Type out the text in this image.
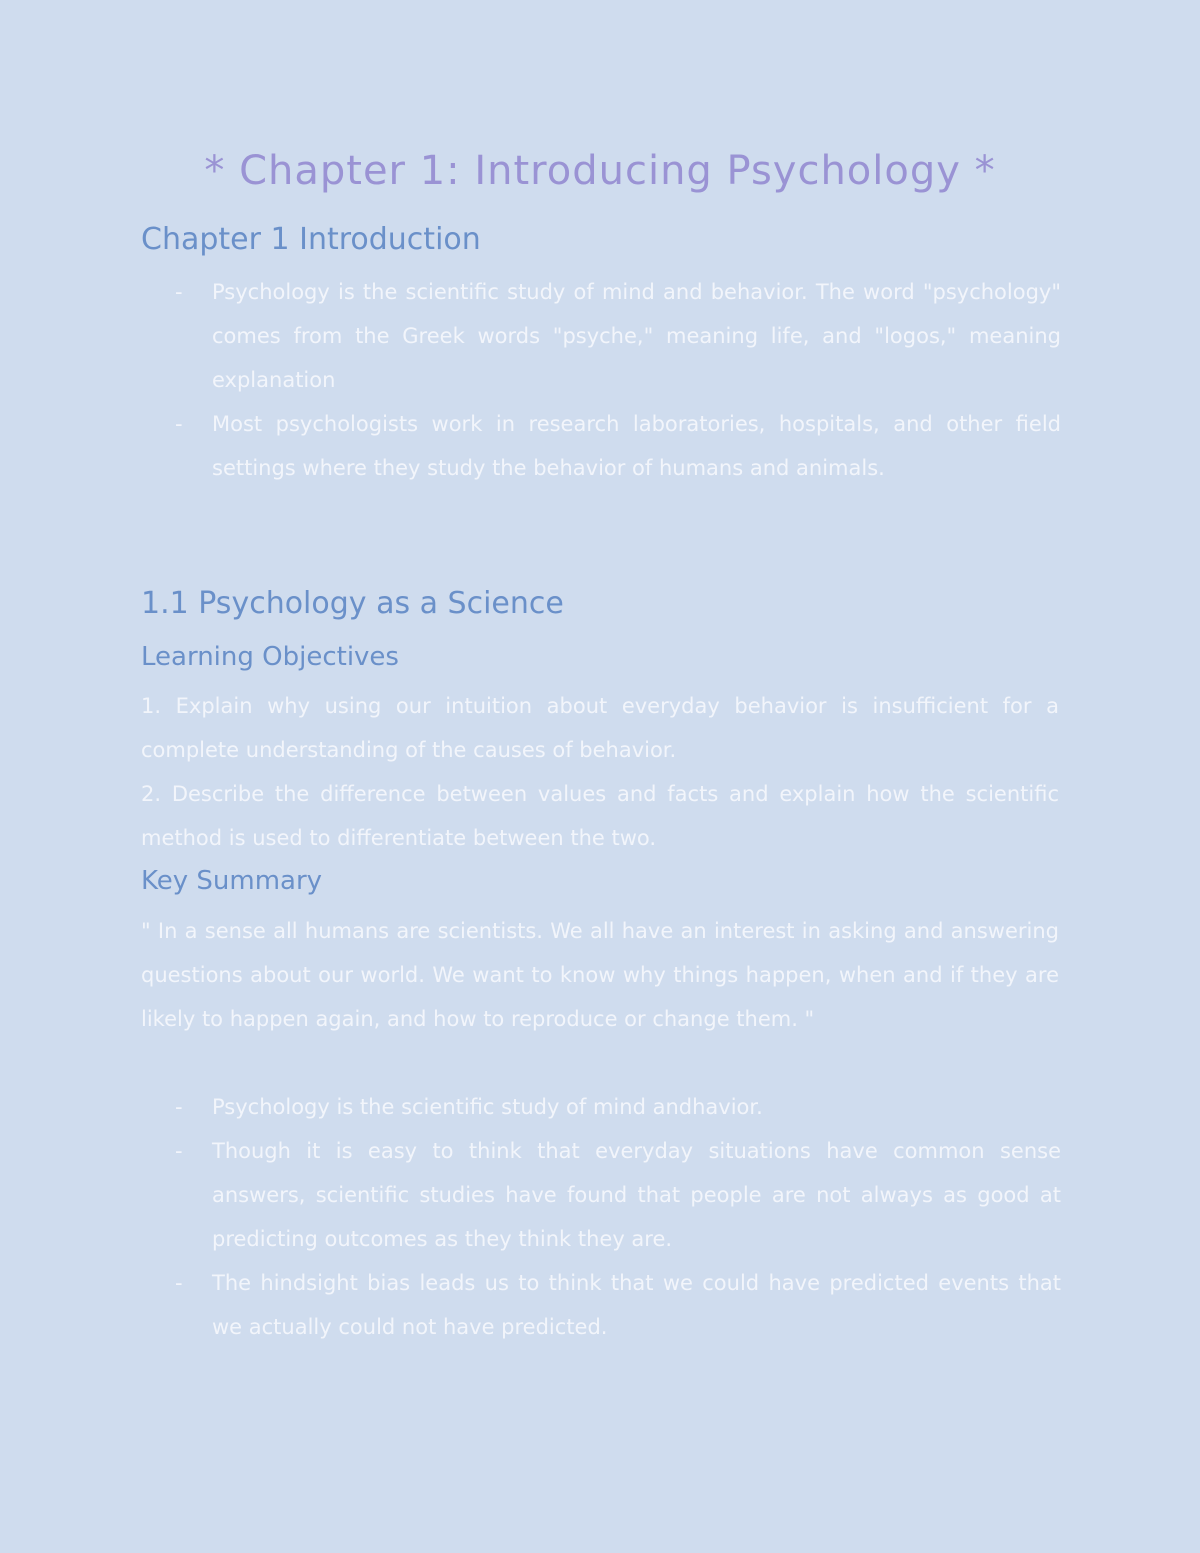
* Chapter 1: Introducing Psychology *
Chapter 1 Introduction
- Psychology is the scientific study of mind and behavior. The word "psychology" comes from the Greek words "psyche," meaning life, and "logos," meaning explanation
- Most psychologists work in research laboratories, hospitals, and other field settings where they study the behavior of humans and animals.
1.1 Psychology as a Science
Learning Objectives
1. Explain why using our intuition about everyday behavior is insufficient for a complete understanding of the causes of behavior.
2. Describe the difference between values and facts and explain how the scientific method is used to differentiate between the two.
Key Summary
" In a sense all humans are scientists. We all have an interest in asking and answering questions about our world. We want to know why things happen, when and if they are likely to happen again, and how to reproduce or change them. "
- Psychology is the scientific study of mind andhavior.
- Though it is easy to think that everyday situations have common sense answers, scientific studies have found that people are not always as good at predicting outcomes as they think they are.
- The hindsight bias leads us to think that we could have predicted events that we actually could not have predicted.
